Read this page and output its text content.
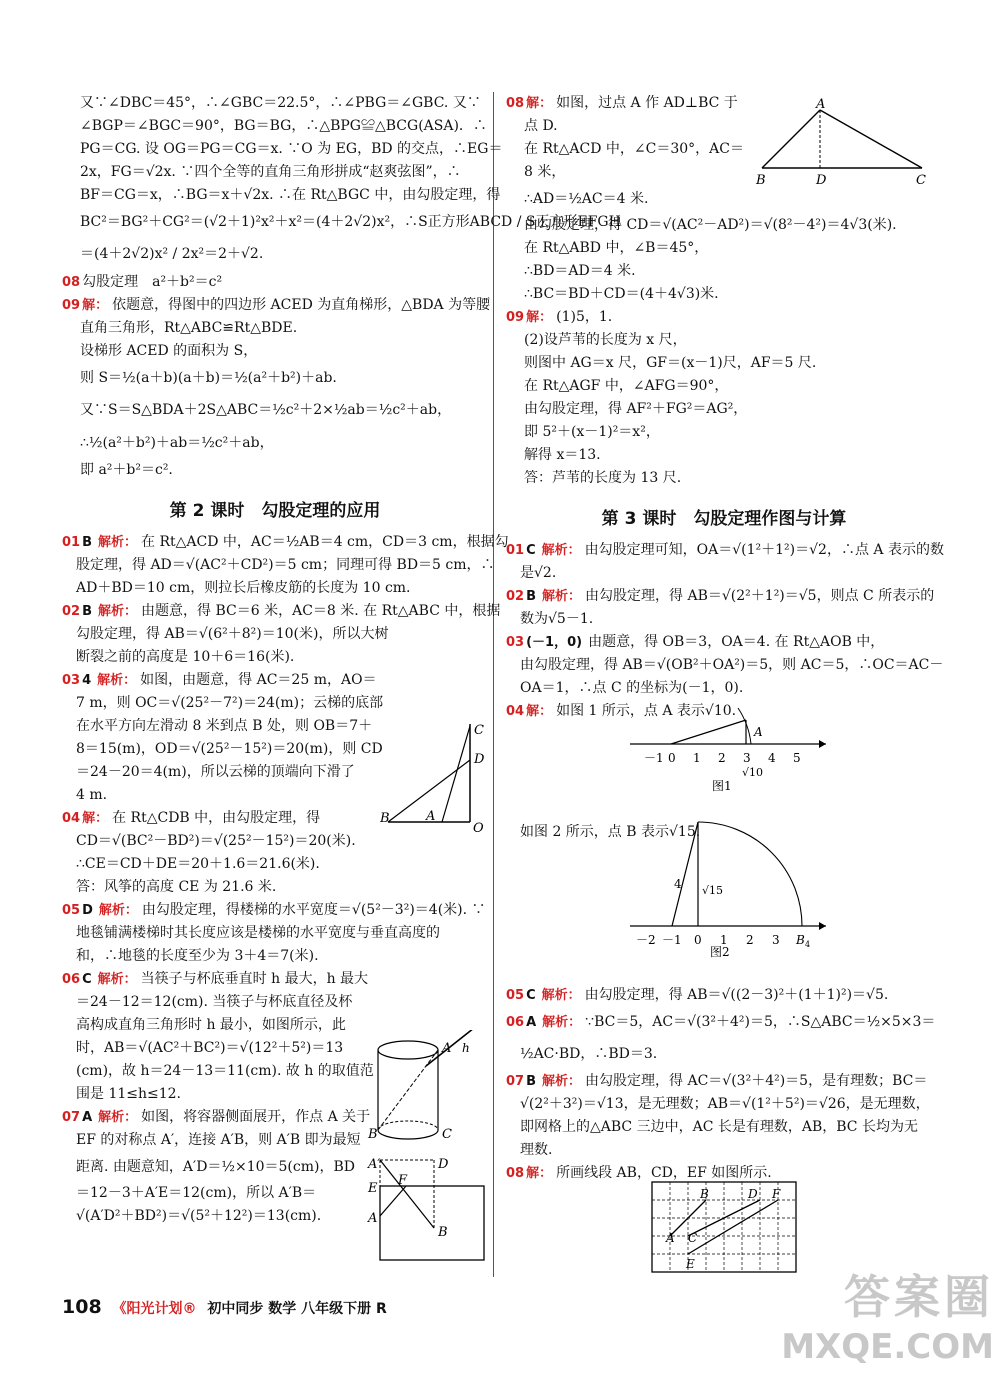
又∵∠DBC＝45°，∴∠GBC＝22.5°，∴∠PBG＝∠GBC. 又∵

∠BGP＝∠BGC＝90°，BG＝BG，∴△BPG≌△BCG(ASA)．∴

PG＝CG. 设 OG＝PG＝CG＝x. ∵O 为 EG，BD 的交点，∴EG＝

2x，FG＝√2x. ∵四个全等的直角三角形拼成“赵爽弦图”，∴

BF＝CG＝x，∴BG＝x＋√2x. ∴在 Rt△BGC 中，由勾股定理，得

BC²＝BG²＋CG²＝(√2＋1)²x²＋x²＝(4＋2√2)x²，∴S正方形ABCD / S正方形EFGH

＝(4＋2√2)x² / 2x²＝2＋√2.

08 勾股定理　a²＋b²＝c²

09 解： 依题意，得图中的四边形 ACED 为直角梯形，△BDA 为等腰

直角三角形，Rt△ABC≌Rt△BDE.

设梯形 ACED 的面积为 S，

则 S＝½(a＋b)(a＋b)＝½(a²＋b²)＋ab.

又∵S＝S△BDA＋2S△ABC＝½c²＋2×½ab＝½c²＋ab，

∴½(a²＋b²)＋ab＝½c²＋ab，

即 a²＋b²＝c².

第 2 课时　勾股定理的应用

01 B 解析： 在 Rt△ACD 中，AC＝½AB＝4 cm，CD＝3 cm，根据勾

股定理，得 AD＝√(AC²＋CD²)＝5 cm；同理可得 BD＝5 cm，∴

AD＋BD＝10 cm，则拉长后橡皮筋的长度为 10 cm.

02 B 解析： 由题意，得 BC＝6 米，AC＝8 米. 在 Rt△ABC 中，根据

勾股定理，得 AB＝√(6²＋8²)＝10(米)，所以大树

断裂之前的高度是 10＋6＝16(米).

03 4 解析： 如图，由题意，得 AC＝25 m，AO＝

7 m，则 OC＝√(25²－7²)＝24(m)；云梯的底部

在水平方向左滑动 8 米到点 B 处，则 OB＝7＋

8＝15(m)，OD＝√(25²－15²)＝20(m)，则 CD

＝24－20＝4(m)，所以云梯的顶端向下滑了

4 m.

04 解： 在 Rt△CDB 中，由勾股定理，得

CD＝√(BC²－BD²)＝√(25²－15²)＝20(米).

∴CE＝CD＋DE＝20＋1.6＝21.6(米).

答：风筝的高度 CE 为 21.6 米.

05 D 解析： 由勾股定理，得楼梯的水平宽度＝√(5²－3²)＝4(米). ∵

地毯铺满楼梯时其长度应该是楼梯的水平宽度与垂直高度的

和，∴地毯的长度至少为 3＋4＝7(米).

06 C 解析： 当筷子与杯底垂直时 h 最大，h 最大

＝24－12＝12(cm). 当筷子与杯底直径及杯

高构成直角三角形时 h 最小，如图所示，此

时，AB＝√(AC²＋BC²)＝√(12²＋5²)＝13

(cm)，故 h＝24－13＝11(cm). 故 h 的取值范

围是 11≤h≤12.

07 A 解析： 如图，将容器侧面展开，作点 A 关于

EF 的对称点 A′，连接 A′B，则 A′B 即为最短

距离. 由题意知，A′D＝½×10＝5(cm)，BD

＝12－3＋A′E＝12(cm)，所以 A′B＝

√(A′D²＋BD²)＝√(5²＋12²)＝13(cm).

C
D
B	A
O
A
B	C
h
A′
E
F
D
A
B

08 解： 如图，过点 A 作 AD⊥BC 于

点 D.

在 Rt△ACD 中，∠C＝30°，AC＝

8 米，

∴AD＝½AC＝4 米.

由勾股定理，得 CD＝√(AC²－AD²)＝√(8²－4²)＝4√3(米).

在 Rt△ABD 中，∠B＝45°，

∴BD＝AD＝4 米.

∴BC＝BD＋CD＝(4＋4√3)米.

09 解： (1)5，1.

(2)设芦苇的长度为 x 尺，

则图中 AG＝x 尺，GF＝(x－1)尺，AF＝5 尺.

在 Rt△AGF 中，∠AFG＝90°，

由勾股定理，得 AF²＋FG²＝AG²，

即 5²＋(x－1)²＝x²，

解得 x＝13.

答：芦苇的长度为 13 尺.

第 3 课时　勾股定理作图与计算

01 C 解析： 由勾股定理可知，OA＝√(1²＋1²)＝√2，∴点 A 表示的数

是√2.

02 B 解析： 由勾股定理，得 AB＝√(2²＋1²)＝√5，则点 C 所表示的

数为√5－1.

03 (－1，0) 由题意，得 OB＝3，OA＝4. 在 Rt△AOB 中，

由勾股定理，得 AB＝√(OB²＋OA²)＝5，则 AC＝5，∴OC＝AC－

OA＝1，∴点 C 的坐标为(－1，0).

04 解： 如图 1 所示，点 A 表示√10.

如图 2 所示，点 B 表示√15.

05 C 解析： 由勾股定理，得 AB＝√((2－3)²＋(1＋1)²)＝√5.

06 A 解析： ∵BC＝5，AC＝√(3²＋4²)＝5，∴S△ABC＝½×5×3＝

½AC·BD，∴BD＝3.

07 B 解析： 由勾股定理，得 AC＝√(3²＋4²)＝5，是有理数；BC＝

√(2²＋3²)＝√13，是无理数；AB＝√(1²＋5²)＝√26，是无理数，

即网格上的△ABC 三边中，AC 长是有理数，AB，BC 长均为无

理数.

08 解： 所画线段 AB，CD，EF 如图所示.

A
B	D	C
－1 0 1 2 3 4 5
A
√10
图1
4 √15
－2 －1 0 1 2 3 B 4
图2
A
B
C
D
E
F
108 《阳光计划® 初中同步 数学 八年级下册 R	答案圈
MXQE.COM
